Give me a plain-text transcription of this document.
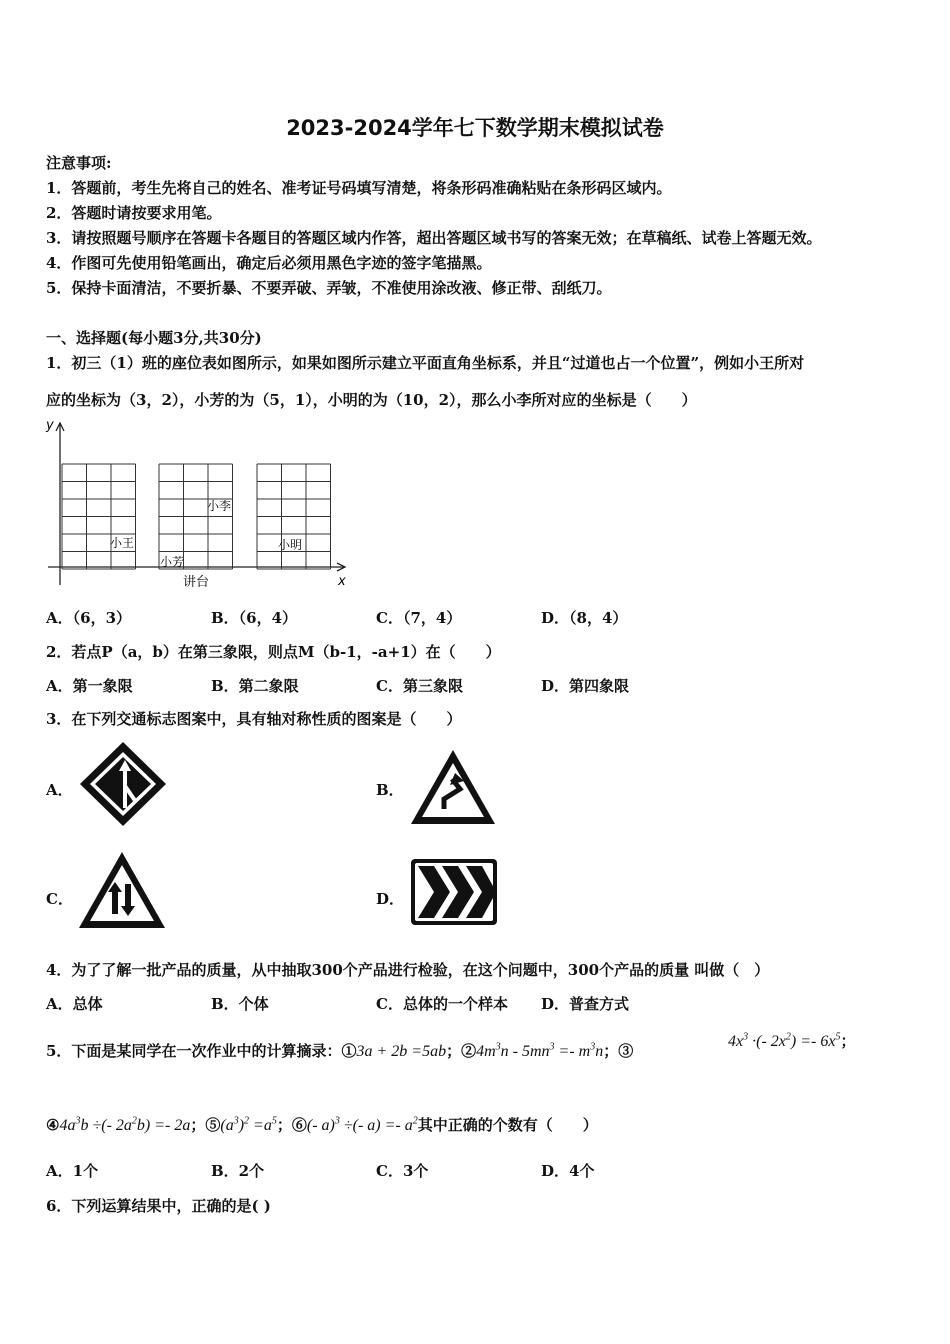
2023-2024学年七下数学期末模拟试卷
注意事项:
1．答题前，考生先将自己的姓名、准考证号码填写清楚，将条形码准确粘贴在条形码区域内。
2．答题时请按要求用笔。
3．请按照题号顺序在答题卡各题目的答题区域内作答，超出答题区域书写的答案无效；在草稿纸、试卷上答题无效。
4．作图可先使用铅笔画出，确定后必须用黑色字迹的签字笔描黑。
5．保持卡面清洁，不要折暴、不要弄破、弄皱，不准使用涂改液、修正带、刮纸刀。
一、选择题(每小题3分,共30分)
1．初三（1）班的座位表如图所示，如果如图所示建立平面直角坐标系，并且“过道也占一个位置”，例如小王所对
应的坐标为（3，2），小芳的为（5，1），小明的为（10，2），那么小李所对应的坐标是（　　）
y
x
小王
小芳
小李
小明
讲台
A．（6，3）	B．（6，4）	C．（7，4）	D．（8，4）
2．若点P（a，b）在第三象限，则点M（b-1，-a+1）在（　　）
A．第一象限	B．第二象限	C．第三象限	D．第四象限
3．在下列交通标志图案中，具有轴对称性质的图案是（　　）
A．	B．
C．	D．
4．为了了解一批产品的质量，从中抽取300个产品进行检验，在这个问题中，300个产品的质量 叫做（　）
A．总体	B．个体	C．总体的一个样本 D．普查方式
5．下面是某同学在一次作业中的计算摘录：①3a + 2b =5ab；$②4m^3n - 5mn^3 =- m^3n$；③
$4x^3$ ·(- $2x^2) =- 6x^5$；
$④4a^3b$ ÷(- $2a^2b) =- 2a$；$⑤(a^3)^2 =a^5$；⑥(- a)$^3$ ÷(- $a) =- a^2$其中正确的个数有（　　）
A．1个	B．2个	C．3个	D．4个
6．下列运算结果中，正确的是( )
